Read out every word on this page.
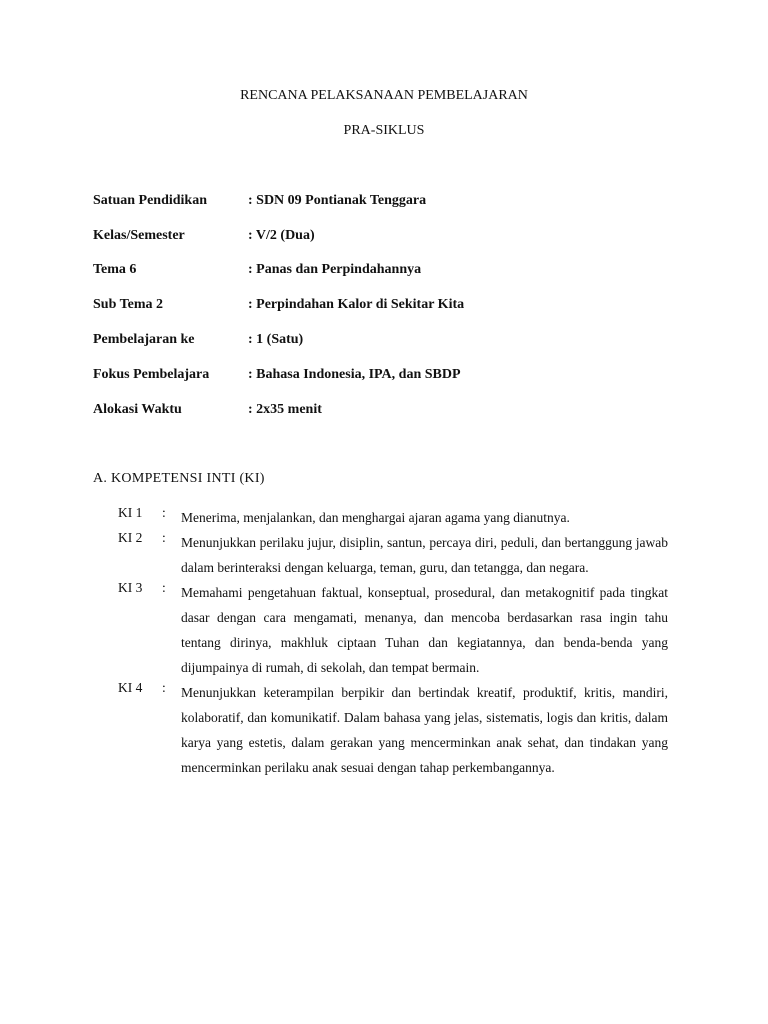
RENCANA PELAKSANAAN PEMBELAJARAN
PRA-SIKLUS
Satuan Pendidikan	: SDN 09 Pontianak Tenggara
Kelas/Semester	: V/2 (Dua)
Tema 6	: Panas dan Perpindahannya
Sub Tema 2	: Perpindahan Kalor di Sekitar Kita
Pembelajaran ke	: 1 (Satu)
Fokus Pembelajara	: Bahasa Indonesia, IPA, dan SBDP
Alokasi Waktu	: 2x35 menit
A. KOMPETENSI INTI (KI)
KI 1 : Menerima, menjalankan, dan menghargai ajaran agama yang dianutnya.
KI 2 : Menunjukkan perilaku jujur, disiplin, santun, percaya diri, peduli, dan bertanggung jawab dalam berinteraksi dengan keluarga, teman, guru, dan tetangga, dan negara.
KI 3 : Memahami pengetahuan faktual, konseptual, prosedural, dan metakognitif pada tingkat dasar dengan cara mengamati, menanya, dan mencoba berdasarkan rasa ingin tahu tentang dirinya, makhluk ciptaan Tuhan dan kegiatannya, dan benda-benda yang dijumpainya di rumah, di sekolah, dan tempat bermain.
KI 4 : Menunjukkan keterampilan berpikir dan bertindak kreatif, produktif, kritis, mandiri, kolaboratif, dan komunikatif. Dalam bahasa yang jelas, sistematis, logis dan kritis, dalam karya yang estetis, dalam gerakan yang mencerminkan anak sehat, dan tindakan yang mencerminkan perilaku anak sesuai dengan tahap perkembangannya.
